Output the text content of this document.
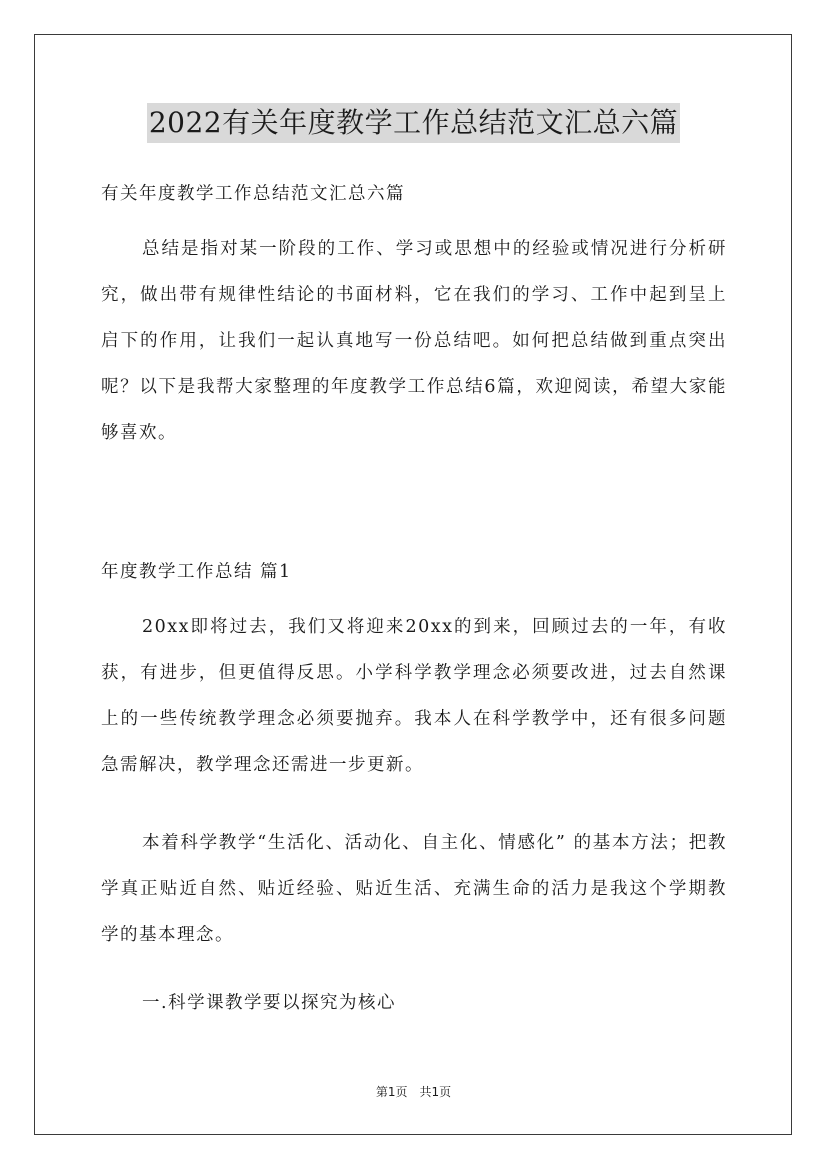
2022有关年度教学工作总结范文汇总六篇
有关年度教学工作总结范文汇总六篇

总结是指对某一阶段的工作、学习或思想中的经验或情况进行分析研究，做出带有规律性结论的书面材料，它在我们的学习、工作中起到呈上启下的作用，让我们一起认真地写一份总结吧。如何把总结做到重点突出呢？以下是我帮大家整理的年度教学工作总结6篇，欢迎阅读，希望大家能够喜欢。

年度教学工作总结 篇1

20xx即将过去，我们又将迎来20xx的到来，回顾过去的一年，有收获，有进步，但更值得反思。小学科学教学理念必须要改进，过去自然课上的一些传统教学理念必须要抛弃。我本人在科学教学中，还有很多问题急需解决，教学理念还需进一步更新。

本着科学教学“生活化、活动化、自主化、情感化” 的基本方法；把教学真正贴近自然、贴近经验、贴近生活、充满生命的活力是我这个学期教学的基本理念。

一.科学课教学要以探究为核心
第1页　共1页
